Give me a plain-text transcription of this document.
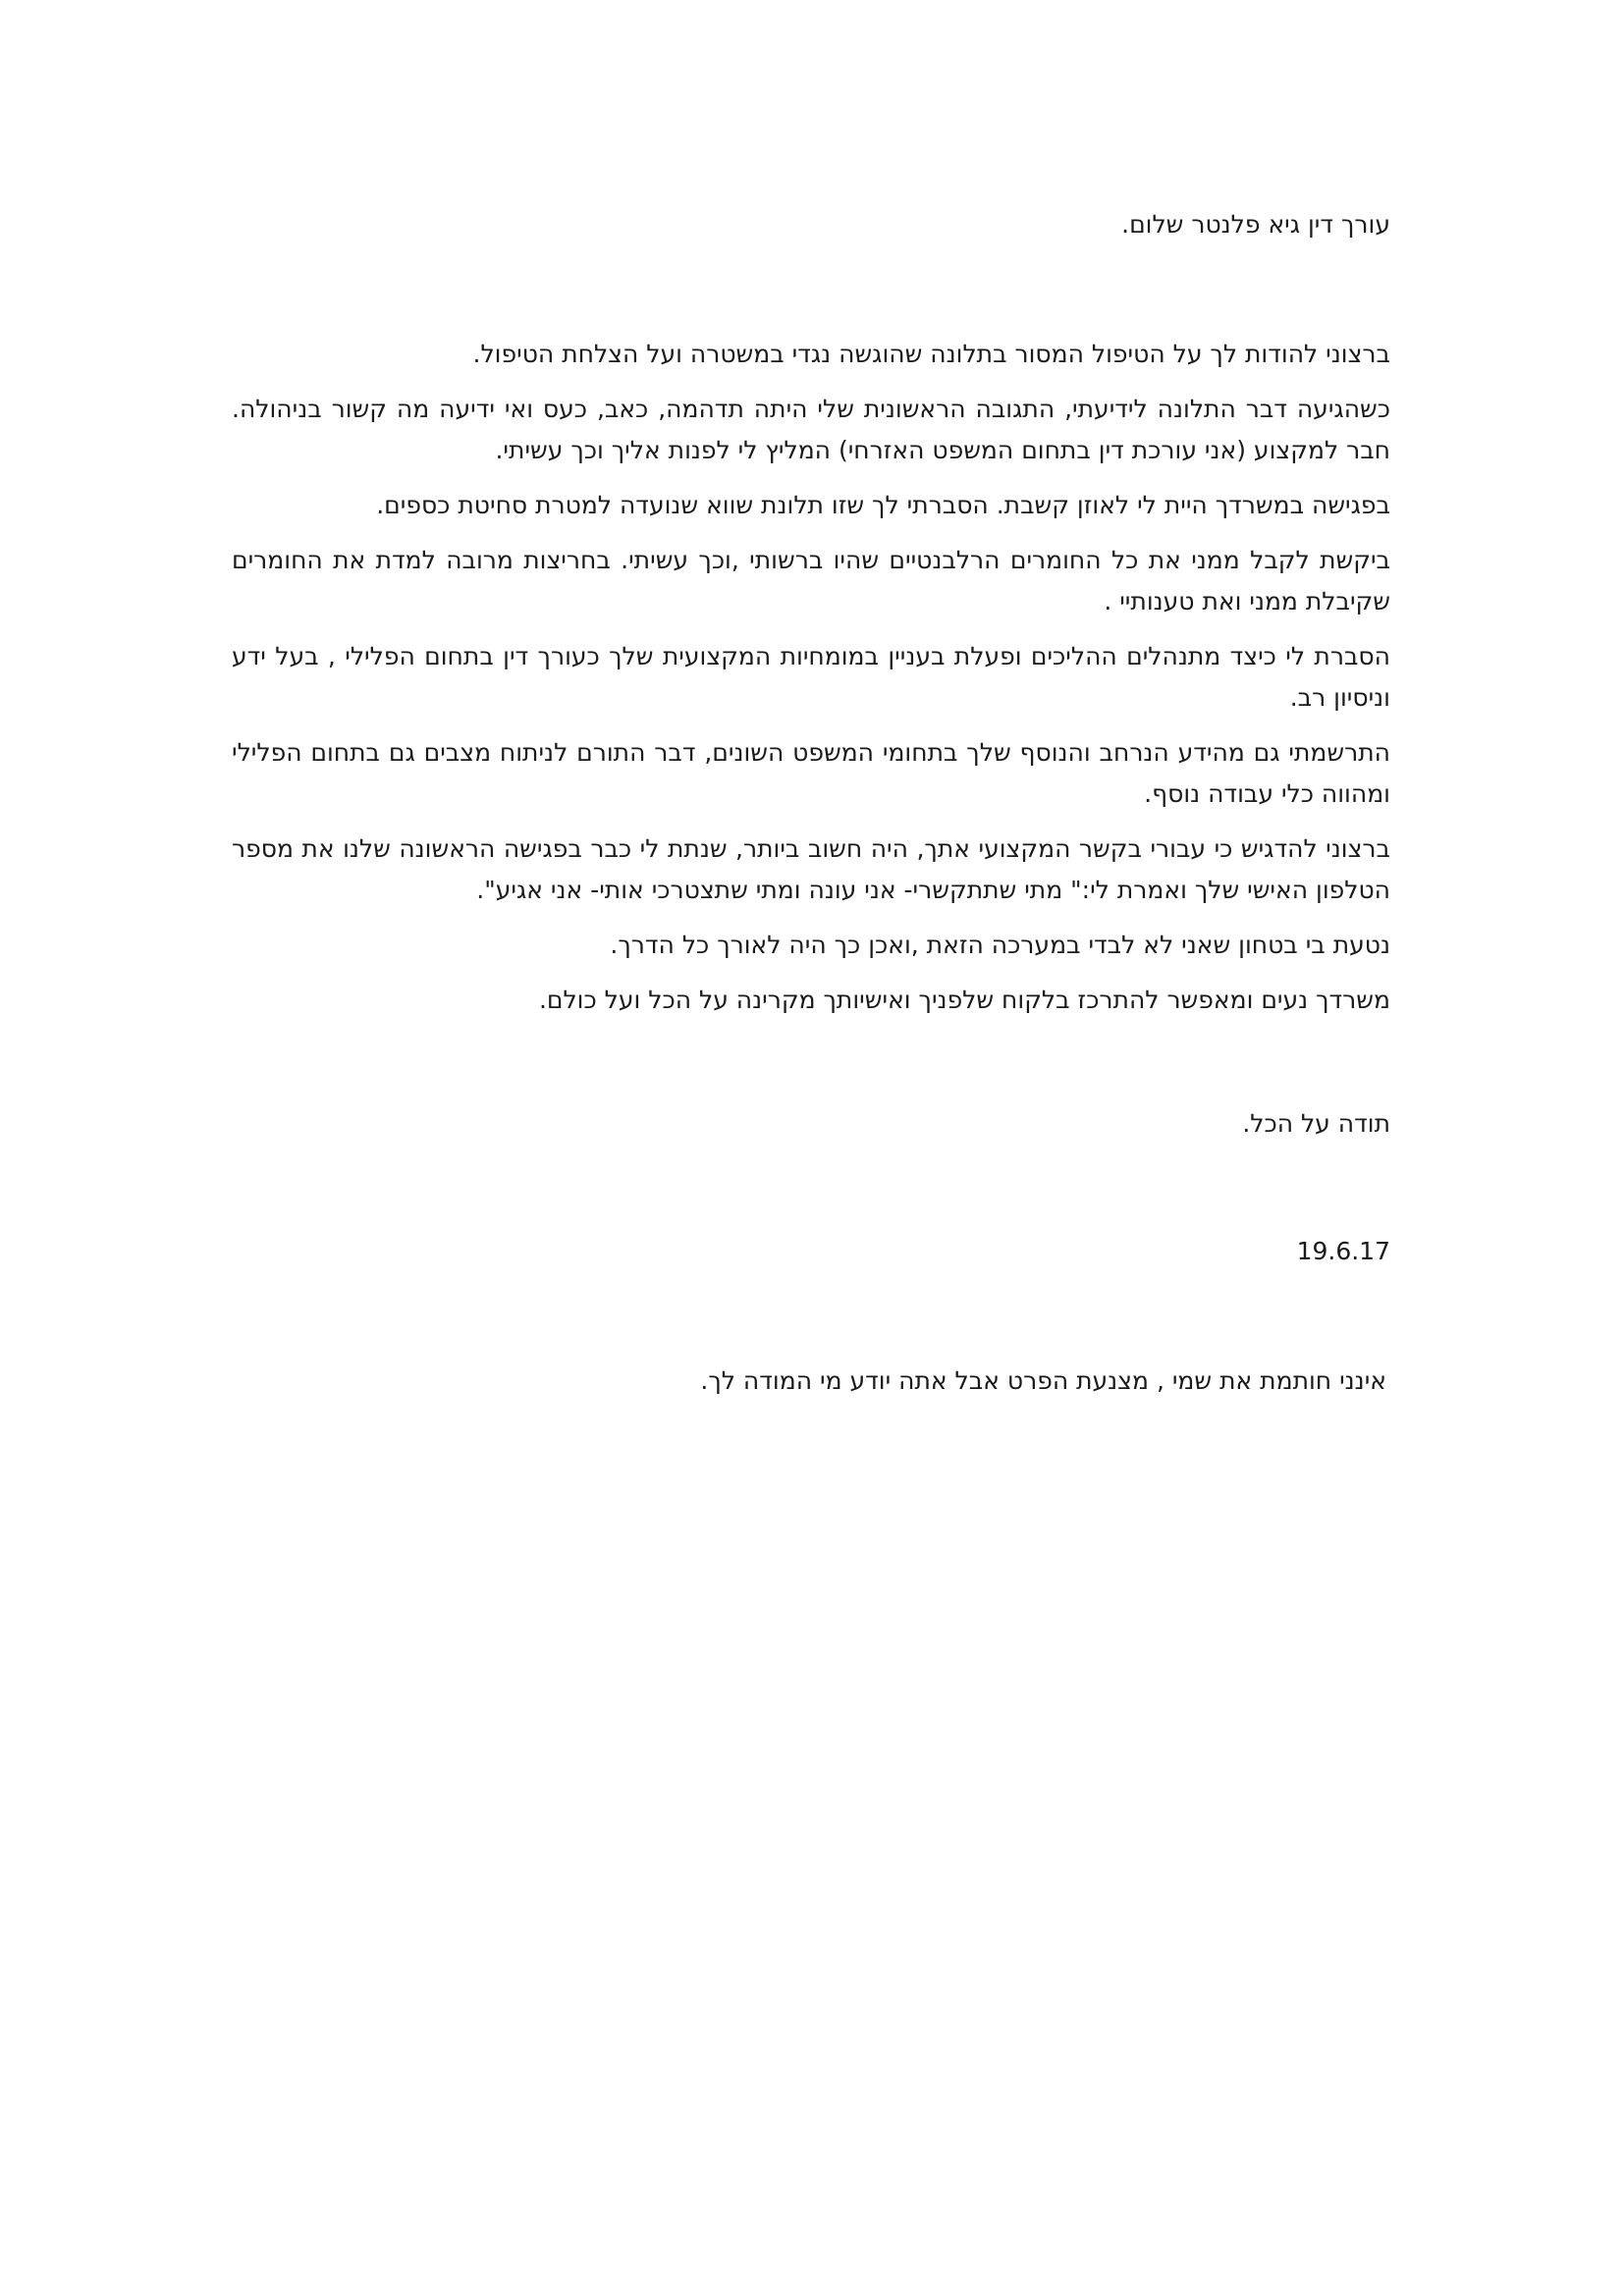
עורך דין גיא פלנטר שלום.

ברצוני להודות לך על הטיפול המסור בתלונה שהוגשה נגדי במשטרה ועל הצלחת הטיפול.

כשהגיעה דבר התלונה לידיעתי, התגובה הראשונית שלי היתה תדהמה, כאב, כעס ואי ידיעה מה קשור בניהולה. חבר למקצוע (אני עורכת דין בתחום המשפט האזרחי) המליץ לי לפנות אליך וכך עשיתי.

בפגישה במשרדך היית לי לאוזן קשבת. הסברתי לך שזו תלונת שווא שנועדה למטרת סחיטת כספים.

ביקשת לקבל ממני את כל החומרים הרלבנטיים שהיו ברשותי ,וכך עשיתי. בחריצות מרובה למדת את החומרים שקיבלת ממני ואת טענותיי .

הסברת לי כיצד מתנהלים ההליכים ופעלת בעניין במומחיות המקצועית שלך כעורך דין בתחום הפלילי , בעל ידע וניסיון רב.

התרשמתי גם מהידע הנרחב והנוסף שלך בתחומי המשפט השונים, דבר התורם לניתוח מצבים גם בתחום הפלילי ומהווה כלי עבודה נוסף.

ברצוני להדגיש כי עבורי בקשר המקצועי אתך, היה חשוב ביותר, שנתת לי כבר בפגישה הראשונה שלנו את מספר הטלפון האישי שלך ואמרת לי:" מתי שתתקשרי- אני עונה ומתי שתצטרכי אותי- אני אגיע".

נטעת בי בטחון שאני לא לבדי במערכה הזאת ,ואכן כך היה לאורך כל הדרך.

משרדך נעים ומאפשר להתרכז בלקוח שלפניך ואישיותך מקרינה על הכל ועל כולם.

תודה על הכל.

19.6.17

אינני חותמת את שמי , מצנעת הפרט אבל אתה יודע מי המודה לך.
